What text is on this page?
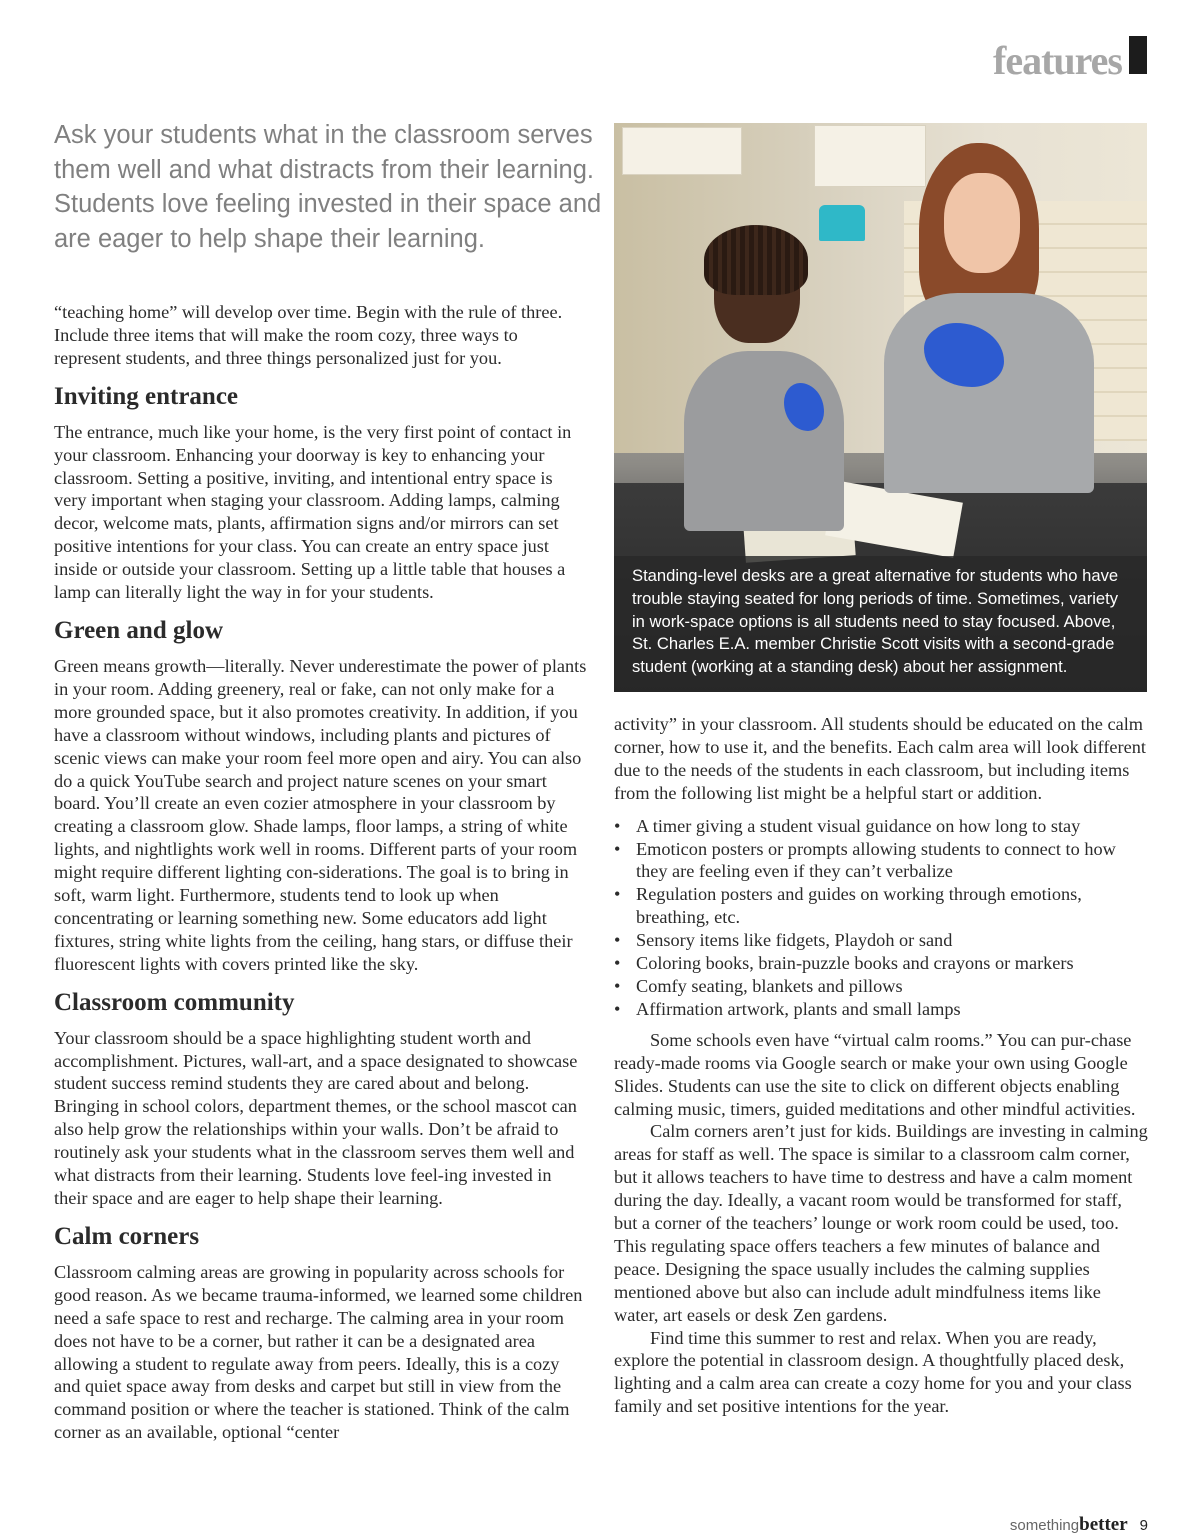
features
Ask your students what in the classroom serves them well and what distracts from their learning. Students love feeling invested in their space and are eager to help shape their learning.

Standing-level desks are a great alternative for students who have trouble staying seated for long periods of time. Sometimes, variety in work-space options is all students need to stay focused. Above, St. Charles E.A. member Christie Scott visits with a second-grade student (working at a standing desk) about her assignment.

“teaching home” will develop over time. Begin with the rule of three. Include three items that will make the room cozy, three ways to represent students, and three things personalized just for you.

Inviting entrance

The entrance, much like your home, is the very first point of contact in your classroom. Enhancing your doorway is key to enhancing your classroom. Setting a positive, inviting, and intentional entry space is very important when staging your classroom. Adding lamps, calming decor, welcome mats, plants, affirmation signs and/or mirrors can set positive intentions for your class. You can create an entry space just inside or outside your classroom. Setting up a little table that houses a lamp can literally light the way in for your students.

Green and glow

Green means growth—literally. Never underestimate the power of plants in your room. Adding greenery, real or fake, can not only make for a more grounded space, but it also promotes creativity. In addition, if you have a classroom without windows, including plants and pictures of scenic views can make your room feel more open and airy. You can also do a quick YouTube search and project nature scenes on your smart board. You’ll create an even cozier atmosphere in your classroom by creating a classroom glow. Shade lamps, floor lamps, a string of white lights, and nightlights work well in rooms. Different parts of your room might require different lighting con-siderations. The goal is to bring in soft, warm light. Furthermore, students tend to look up when concentrating or learning something new. Some educators add light fixtures, string white lights from the ceiling, hang stars, or diffuse their fluorescent lights with covers printed like the sky.

Classroom community

Your classroom should be a space highlighting student worth and accomplishment. Pictures, wall-art, and a space designated to showcase student success remind students they are cared about and belong. Bringing in school colors, department themes, or the school mascot can also help grow the relationships within your walls. Don’t be afraid to routinely ask your students what in the classroom serves them well and what distracts from their learning. Students love feel-ing invested in their space and are eager to help shape their learning.

Calm corners

Classroom calming areas are growing in popularity across schools for good reason. As we became trauma-informed, we learned some children need a safe space to rest and recharge. The calming area in your room does not have to be a corner, but rather it can be a designated area allowing a student to regulate away from peers. Ideally, this is a cozy and quiet space away from desks and carpet but still in view from the command position or where the teacher is stationed. Think of the calm corner as an available, optional “center

activity” in your classroom. All students should be educated on the calm corner, how to use it, and the benefits. Each calm area will look different due to the needs of the students in each classroom, but including items from the following list might be a helpful start or addition.

• A timer giving a student visual guidance on how long to stay
• Emoticon posters or prompts allowing students to connect to how they are feeling even if they can’t verbalize
• Regulation posters and guides on working through emotions, breathing, etc.
• Sensory items like fidgets, Playdoh or sand
• Coloring books, brain-puzzle books and crayons or markers
• Comfy seating, blankets and pillows
• Affirmation artwork, plants and small lamps

Some schools even have “virtual calm rooms.” You can pur-chase ready-made rooms via Google search or make your own using Google Slides. Students can use the site to click on different objects enabling calming music, timers, guided meditations and other mindful activities.

Calm corners aren’t just for kids. Buildings are investing in calming areas for staff as well. The space is similar to a classroom calm corner, but it allows teachers to have time to destress and have a calm moment during the day. Ideally, a vacant room would be transformed for staff, but a corner of the teachers’ lounge or work room could be used, too. This regulating space offers teachers a few minutes of balance and peace. Designing the space usually includes the calming supplies mentioned above but also can include adult mindfulness items like water, art easels or desk Zen gardens.

Find time this summer to rest and relax. When you are ready, explore the potential in classroom design. A thoughtfully placed desk, lighting and a calm area can create a cozy home for you and your class family and set positive intentions for the year.

somethingbetter 9
